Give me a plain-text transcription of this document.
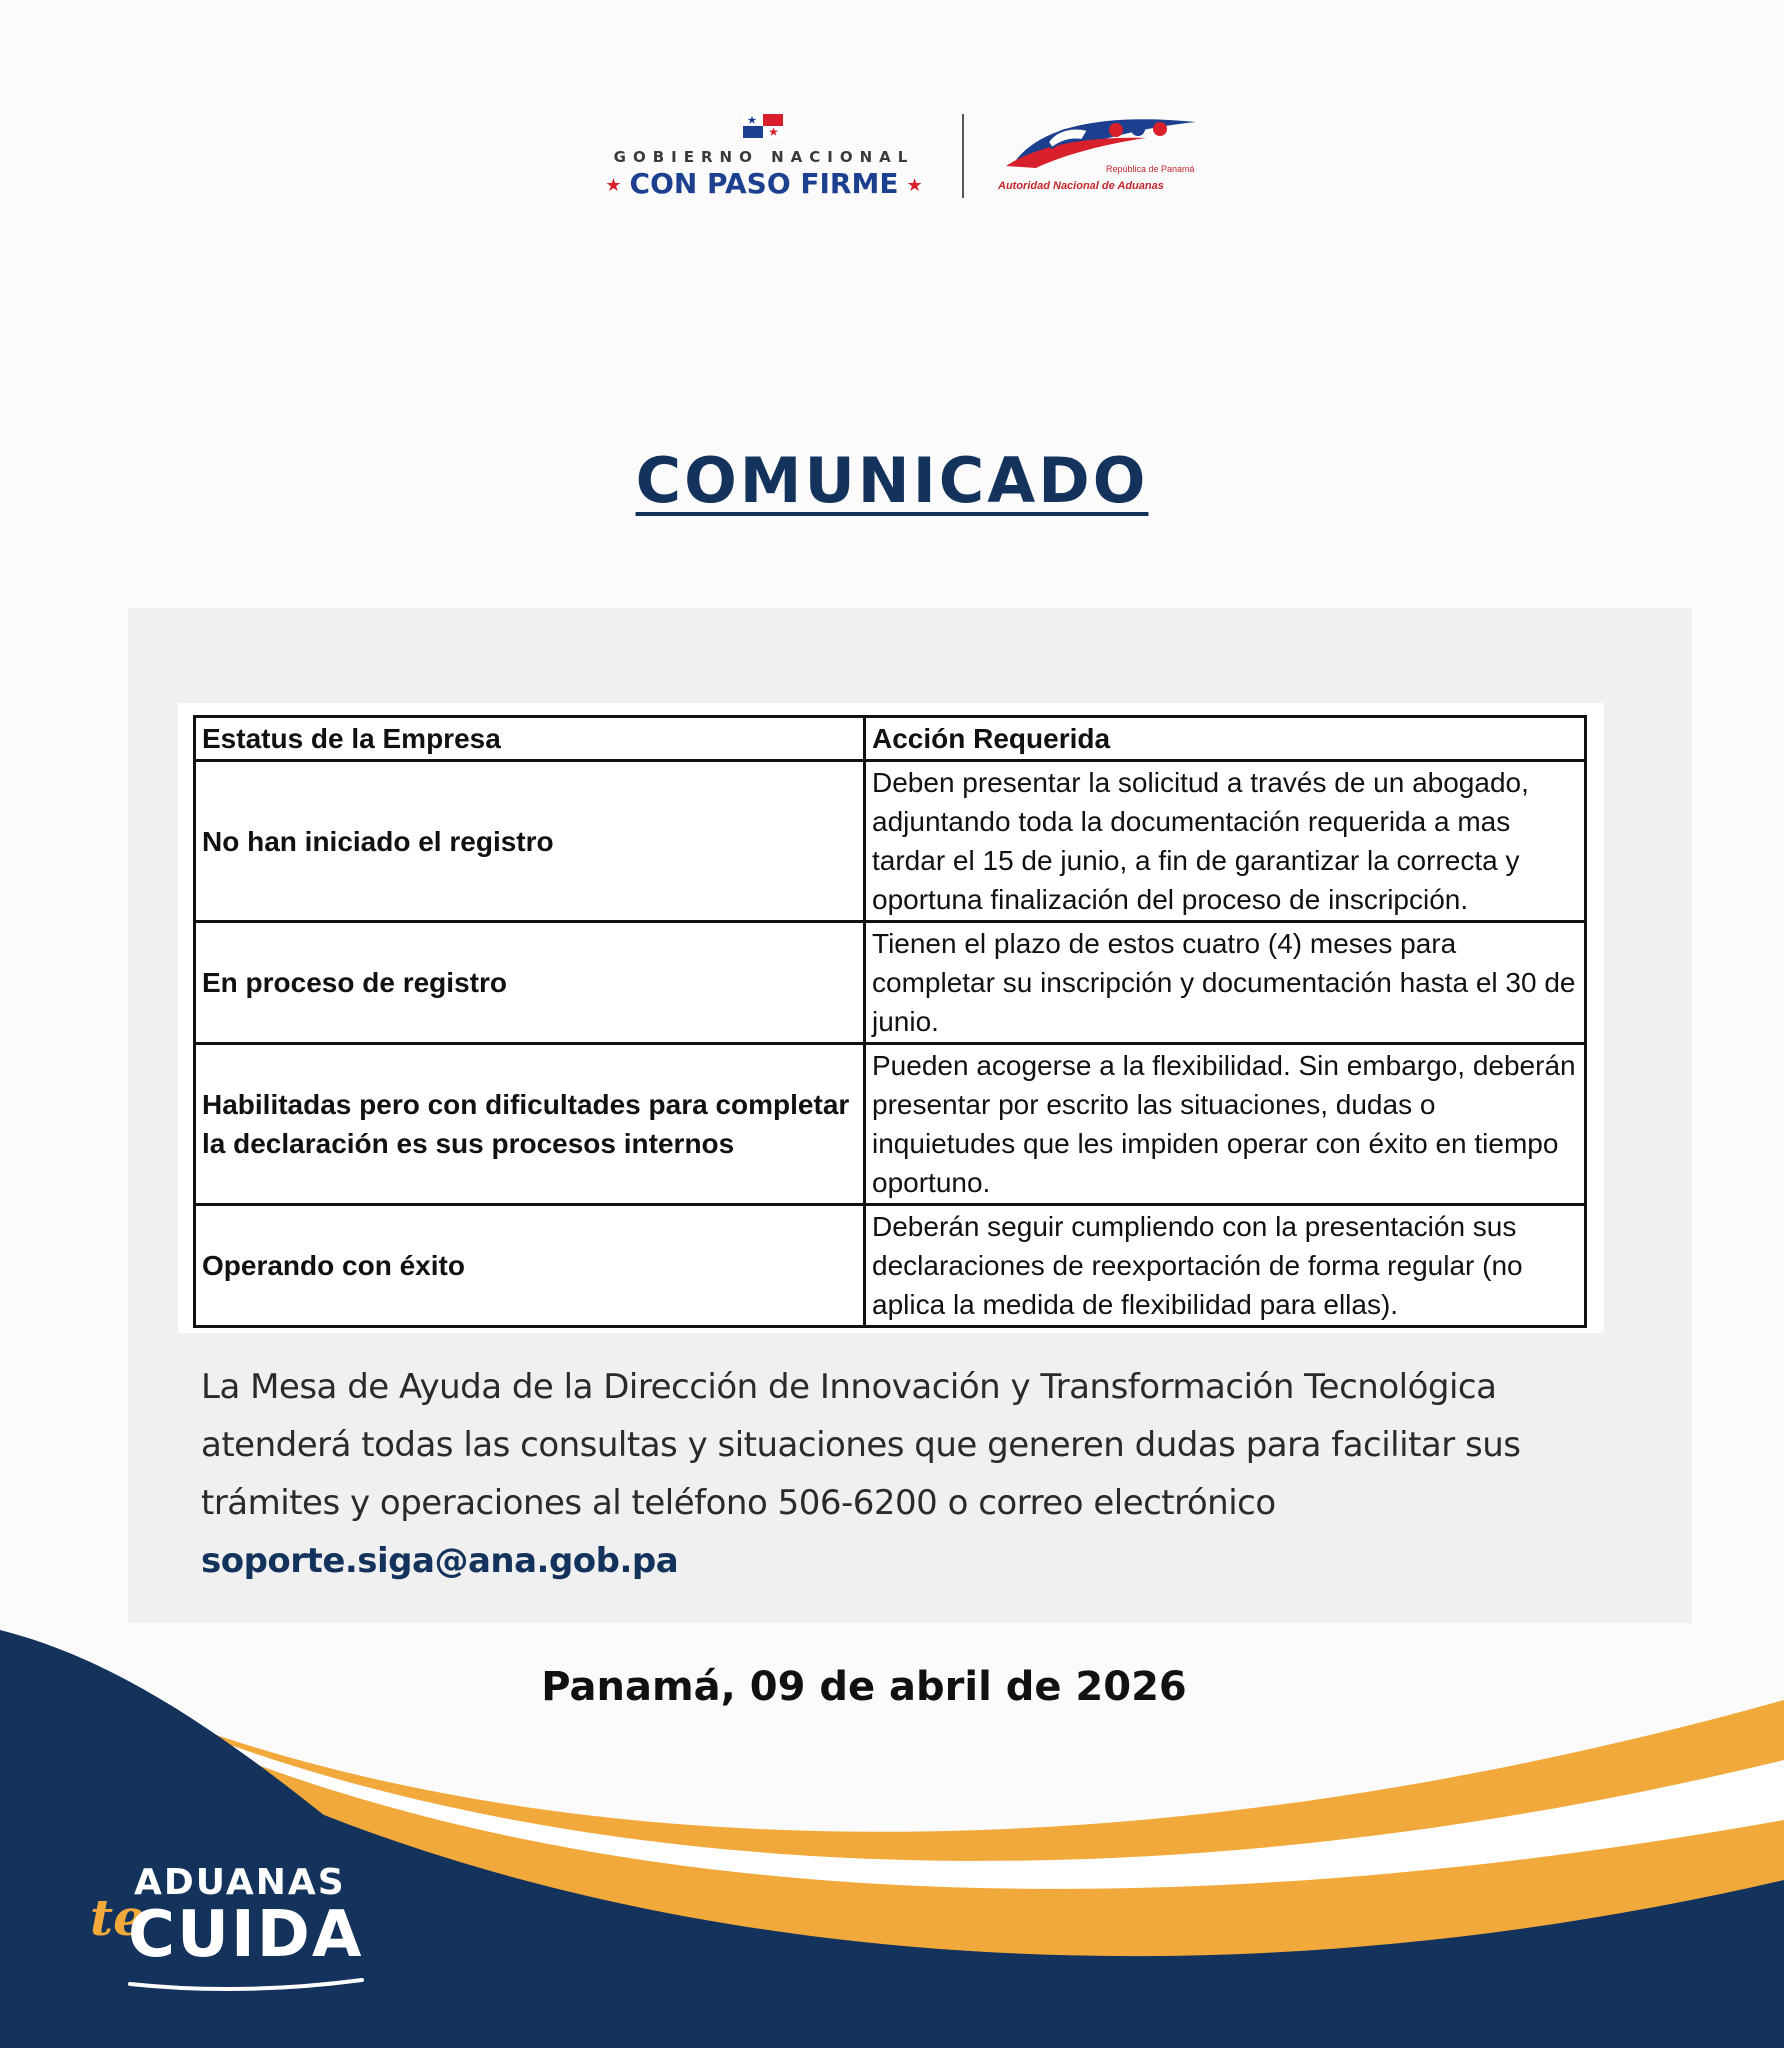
GOBIERNO NACIONAL
★ CON PASO FIRME ★
República de Panamá
Autoridad Nacional de Aduanas
COMUNICADO
Estatus de la Empresa	Acción Requerida
No han iniciado el registro	Deben presentar la solicitud a través de un abogado, adjuntando toda la documentación requerida a mas tardar el 15 de junio, a fin de garantizar la correcta y oportuna finalización del proceso de inscripción.
En proceso de registro	Tienen el plazo de estos cuatro (4) meses para completar su inscripción y documentación hasta el 30 de junio.
Habilitadas pero con dificultades para completar la declaración es sus procesos internos	Pueden acogerse a la flexibilidad. Sin embargo, deberán presentar por escrito las situaciones, dudas o inquietudes que les impiden operar con éxito en tiempo oportuno.
Operando con éxito	Deberán seguir cumpliendo con la presentación sus declaraciones de reexportación de forma regular (no aplica la medida de flexibilidad para ellas).
La Mesa de Ayuda de la Dirección de Innovación y Transformación Tecnológica atenderá todas las consultas y situaciones que generen dudas para facilitar sus trámites y operaciones al teléfono 506-6200 o correo electrónico
soporte.siga@ana.gob.pa
Panamá, 09 de abril de 2026
ADUANAS
te
CUIDA
